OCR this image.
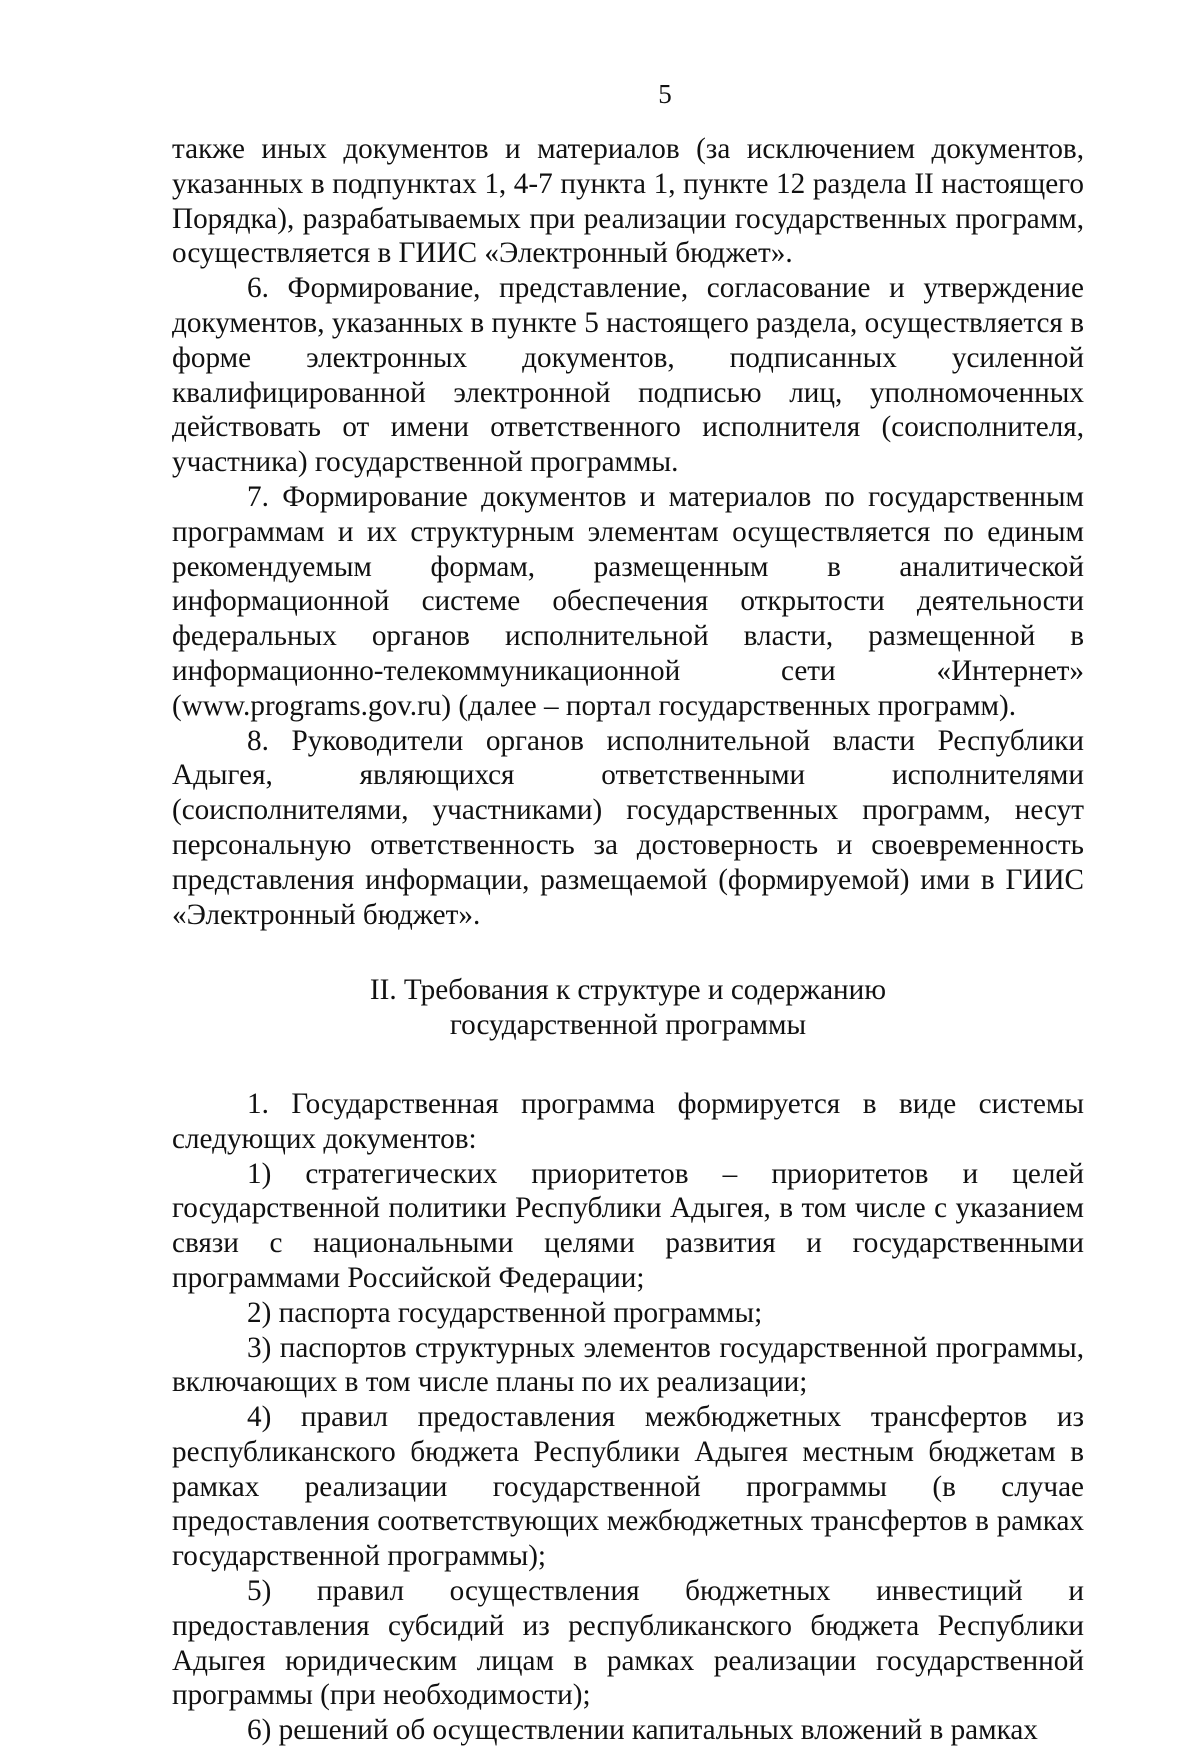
5

также иных документов и материалов (за исключением документов, указанных в подпунктах 1, 4-7 пункта 1, пункте 12 раздела II настоящего Порядка), разрабатываемых при реализации государственных программ, осуществляется в ГИИС «Электронный бюджет».

6. Формирование, представление, согласование и утверждение документов, указанных в пункте 5 настоящего раздела, осуществляется в форме электронных документов, подписанных усиленной квалифицированной электронной подписью лиц, уполномоченных действовать от имени ответственного исполнителя (соисполнителя, участника) государственной программы.

7. Формирование документов и материалов по государственным программам и их структурным элементам осуществляется по единым рекомендуемым формам, размещенным в аналитической информационной системе обеспечения открытости деятельности федеральных органов исполнительной власти, размещенной в информационно-телекоммуникационной сети «Интернет» (www.programs.gov.ru) (далее – портал государственных программ).

8. Руководители органов исполнительной власти Республики Адыгея, являющихся ответственными исполнителями (соисполнителями, участниками) государственных программ, несут персональную ответственность за достоверность и своевременность представления информации, размещаемой (формируемой) ими в ГИИС «Электронный бюджет».

II. Требования к структуре и содержанию
государственной программы

1. Государственная программа формируется в виде системы следующих документов:

1) стратегических приоритетов – приоритетов и целей государственной политики Республики Адыгея, в том числе с указанием связи с национальными целями развития и государственными программами Российской Федерации;

2) паспорта государственной программы;

3) паспортов структурных элементов государственной программы, включающих в том числе планы по их реализации;

4) правил предоставления межбюджетных трансфертов из республиканского бюджета Республики Адыгея местным бюджетам в рамках реализации государственной программы (в случае предоставления соответствующих межбюджетных трансфертов в рамках государственной программы);

5) правил осуществления бюджетных инвестиций и предоставления субсидий из республиканского бюджета Республики Адыгея юридическим лицам в рамках реализации государственной программы (при необходимости);

6) решений об осуществлении капитальных вложений в рамках
